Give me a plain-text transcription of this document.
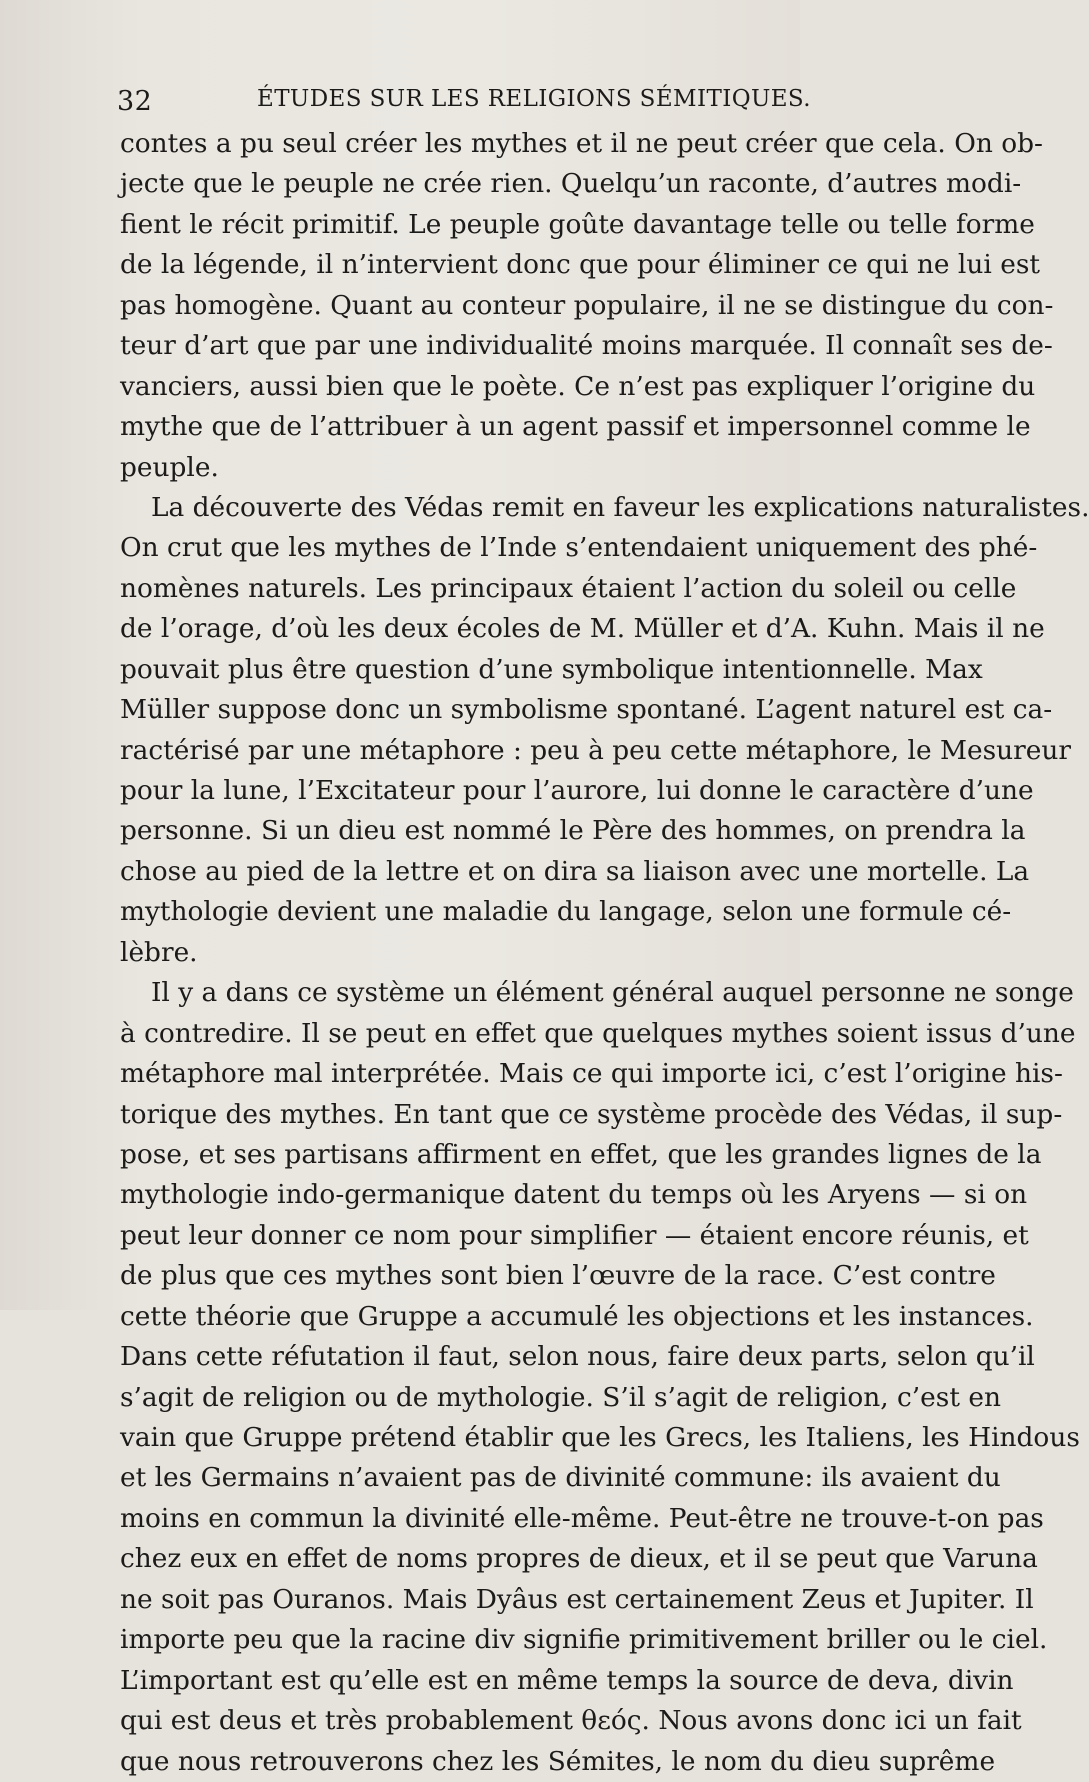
32	ÉTUDES SUR LES RELIGIONS SÉMITIQUES.
contes a pu seul créer les mythes et il ne peut créer que cela. On ob-
jecte que le peuple ne crée rien. Quelqu’un raconte, d’autres modi-
fient le récit primitif. Le peuple goûte davantage telle ou telle forme
de la légende, il n’intervient donc que pour éliminer ce qui ne lui est
pas homogène. Quant au conteur populaire, il ne se distingue du con-
teur d’art que par une individualité moins marquée. Il connaît ses de-
vanciers, aussi bien que le poète. Ce n’est pas expliquer l’origine du
mythe que de l’attribuer à un agent passif et impersonnel comme le
peuple.
La découverte des Védas remit en faveur les explications naturalistes.
On crut que les mythes de l’Inde s’entendaient uniquement des phé-
nomènes naturels. Les principaux étaient l’action du soleil ou celle
de l’orage, d’où les deux écoles de M. Müller et d’A. Kuhn. Mais il ne
pouvait plus être question d’une symbolique intentionnelle. Max
Müller suppose donc un symbolisme spontané. L’agent naturel est ca-
ractérisé par une métaphore : peu à peu cette métaphore, le Mesureur
pour la lune, l’Excitateur pour l’aurore, lui donne le caractère d’une
personne. Si un dieu est nommé le Père des hommes, on prendra la
chose au pied de la lettre et on dira sa liaison avec une mortelle. La
mythologie devient une maladie du langage, selon une formule cé-
lèbre.
Il y a dans ce système un élément général auquel personne ne songe
à contredire. Il se peut en effet que quelques mythes soient issus d’une
métaphore mal interprétée. Mais ce qui importe ici, c’est l’origine his-
torique des mythes. En tant que ce système procède des Védas, il sup-
pose, et ses partisans affirment en effet, que les grandes lignes de la
mythologie indo-germanique datent du temps où les Aryens — si on
peut leur donner ce nom pour simplifier — étaient encore réunis, et
de plus que ces mythes sont bien l’œuvre de la race. C’est contre
cette théorie que Gruppe a accumulé les objections et les instances.
Dans cette réfutation il faut, selon nous, faire deux parts, selon qu’il
s’agit de religion ou de mythologie. S’il s’agit de religion, c’est en
vain que Gruppe prétend établir que les Grecs, les Italiens, les Hindous
et les Germains n’avaient pas de divinité commune: ils avaient du
moins en commun la divinité elle-même. Peut-être ne trouve-t-on pas
chez eux en effet de noms propres de dieux, et il se peut que Varuna
ne soit pas Ouranos. Mais Dyâus est certainement Zeus et Jupiter. Il
importe peu que la racine div signifie primitivement briller ou le ciel.
L’important est qu’elle est en même temps la source de deva, divin
qui est deus et très probablement θεός. Nous avons donc ici un fait
que nous retrouverons chez les Sémites, le nom du dieu suprême
